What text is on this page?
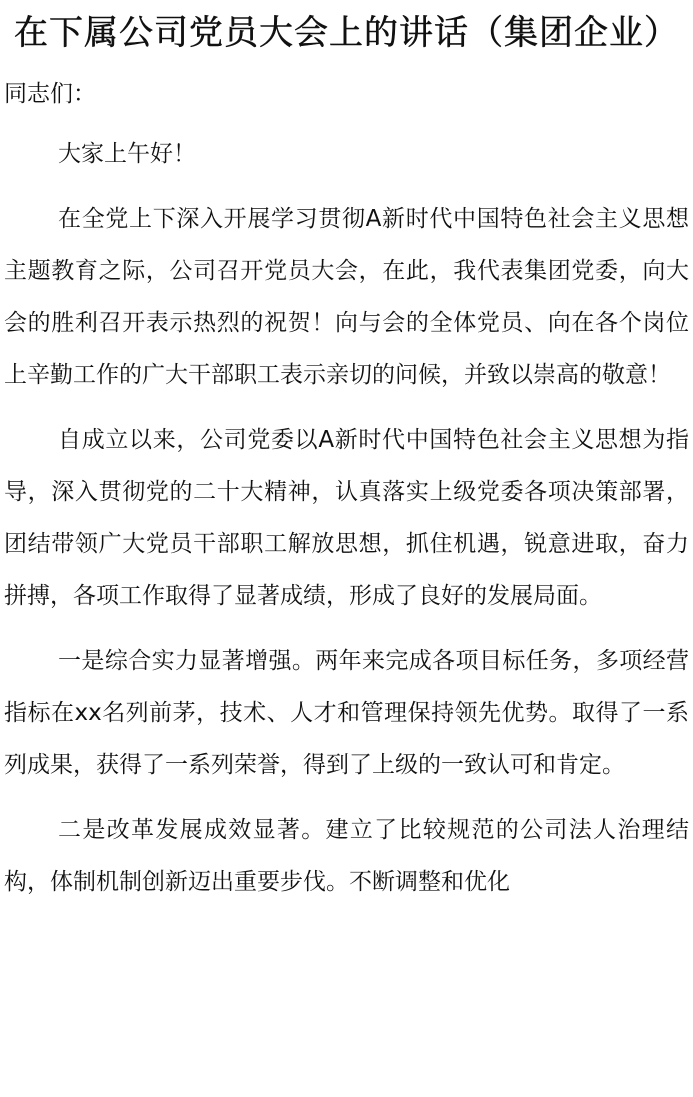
在下属公司党员大会上的讲话（集团企业）

同志们：

大家上午好！

在全党上下深入开展学习贯彻A新时代中国特色社会主义思想主题教育之际，公司召开党员大会，在此，我代表集团党委，向大会的胜利召开表示热烈的祝贺！向与会的全体党员、向在各个岗位上辛勤工作的广大干部职工表示亲切的问候，并致以崇高的敬意！

自成立以来，公司党委以A新时代中国特色社会主义思想为指导，深入贯彻党的二十大精神，认真落实上级党委各项决策部署，团结带领广大党员干部职工解放思想，抓住机遇，锐意进取，奋力拼搏，各项工作取得了显著成绩，形成了良好的发展局面。

一是综合实力显著增强。两年来完成各项目标任务，多项经营指标在xx名列前茅，技术、人才和管理保持领先优势。取得了一系列成果，获得了一系列荣誉，得到了上级的一致认可和肯定。

二是改革发展成效显著。建立了比较规范的公司法人治理结构，体制机制创新迈出重要步伐。不断调整和优化
